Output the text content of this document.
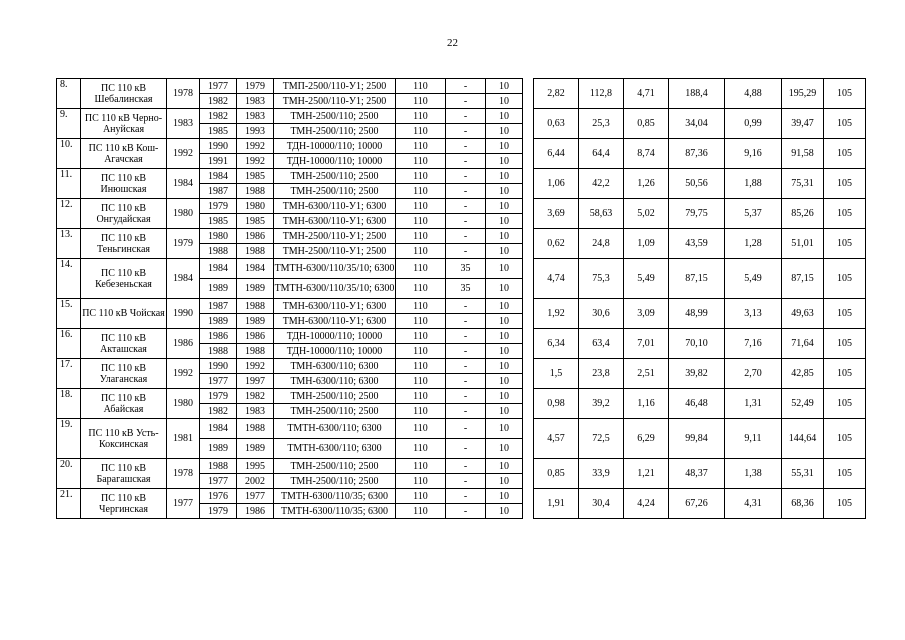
22
8.	ПС 110 кВ Шебалинская	1978	1977	1979	ТМП-2500/110-У1; 2500	110	-	10		2,82	112,8	4,71	188,4	4,88	195,29	105
			1982	1983	ТМН-2500/110-У1; 2500	110	-	10								
9.	ПС 110 кВ Черно-Ануйская	1983	1982	1983	ТМН-2500/110; 2500	110	-	10		0,63	25,3	0,85	34,04	0,99	39,47	105
			1985	1993	ТМН-2500/110; 2500	110	-	10								
10.	ПС 110 кВ Кош-Агачская	1992	1990	1992	ТДН-10000/110; 10000	110	-	10		6,44	64,4	8,74	87,36	9,16	91,58	105
			1991	1992	ТДН-10000/110; 10000	110	-	10								
11.	ПС 110 кВ Инюшская	1984	1984	1985	ТМН-2500/110; 2500	110	-	10		1,06	42,2	1,26	50,56	1,88	75,31	105
			1987	1988	ТМН-2500/110; 2500	110	-	10								
12.	ПС 110 кВ Онгудайская	1980	1979	1980	ТМН-6300/110-У1; 6300	110	-	10		3,69	58,63	5,02	79,75	5,37	85,26	105
			1985	1985	ТМН-6300/110-У1; 6300	110	-	10								
13.	ПС 110 кВ Теньгинская	1979	1980	1986	ТМН-2500/110-У1; 2500	110	-	10		0,62	24,8	1,09	43,59	1,28	51,01	105
			1988	1988	ТМН-2500/110-У1; 2500	110	-	10								
14.	ПС 110 кВ Кебезеньская	1984	1984	1984	ТМТН-6300/110/35/10; 6300	110	35	10		4,74	75,3	5,49	87,15	5,49	87,15	105
			1989	1989	ТМТН-6300/110/35/10; 6300	110	35	10								
15.	ПС 110 кВ Чойская	1990	1987	1988	ТМН-6300/110-У1; 6300	110	-	10		1,92	30,6	3,09	48,99	3,13	49,63	105
			1989	1989	ТМН-6300/110-У1; 6300	110	-	10								
16.	ПС 110 кВ Акташская	1986	1986	1986	ТДН-10000/110; 10000	110	-	10		6,34	63,4	7,01	70,10	7,16	71,64	105
			1988	1988	ТДН-10000/110; 10000	110	-	10								
17.	ПС 110 кВ Улаганская	1992	1990	1992	ТМН-6300/110; 6300	110	-	10		1,5	23,8	2,51	39,82	2,70	42,85	105
			1977	1997	ТМН-6300/110; 6300	110	-	10								
18.	ПС 110 кВ Абайская	1980	1979	1982	ТМН-2500/110; 2500	110	-	10		0,98	39,2	1,16	46,48	1,31	52,49	105
			1982	1983	ТМН-2500/110; 2500	110	-	10								
19.	ПС 110 кВ Усть-Коксинская	1981	1984	1988	ТМТН-6300/110; 6300	110	-	10		4,57	72,5	6,29	99,84	9,11	144,64	105
			1989	1989	ТМТН-6300/110; 6300	110	-	10								
20.	ПС 110 кВ Барагашская	1978	1988	1995	ТМН-2500/110; 2500	110	-	10		0,85	33,9	1,21	48,37	1,38	55,31	105
			1977	2002	ТМН-2500/110; 2500	110	-	10								
21.	ПС 110 кВ Чергинская	1977	1976	1977	ТМТН-6300/110/35; 6300	110	-	10		1,91	30,4	4,24	67,26	4,31	68,36	105
			1979	1986	ТМТН-6300/110/35; 6300	110	-	10								
